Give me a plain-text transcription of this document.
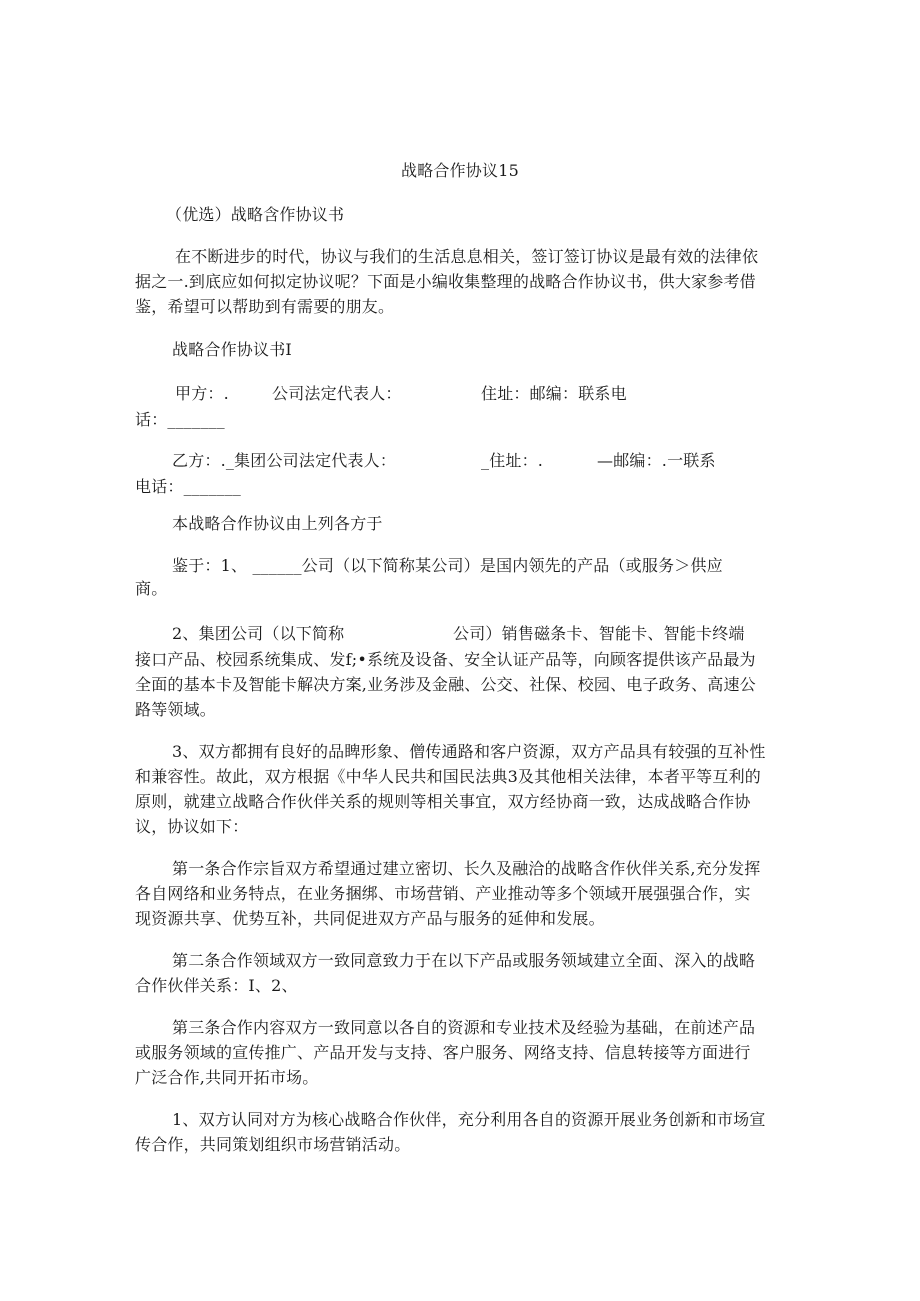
战略合作协议15
（优选）战略含作协议书
在不断进步的时代，协议与我们的生活息息相关，签订签订协议是最有效的法律依
据之一.到底应如何拟定协议呢？下面是小编收集整理的战略合作协议书，供大家参考借
鉴，希望可以帮助到有需要的朋友。
战略合作协议书I
甲方：.	公司法定代表人：	住址：邮编：联系电
话：_______
乙方：._集团公司法定代表人：	_住址：.	—邮编：.一联系
电话：_______
本战略合作协议由上列各方于
鉴于：1、 ______公司（以下简称某公司）是国内领先的产品（或服务＞供应
商。
2、集团公司（以下简称	公司）销售磁条卡、智能卡、智能卡终端
接口产品、校园系统集成、发f;•系统及设备、安全认证产品等，向顾客提供该产品最为
全面的基本卡及智能卡解决方案,业务涉及金融、公交、社保、校园、电子政务、高速公
路等领域。
3、双方都拥有良好的品睥形象、僧传通路和客户资源，双方产品具有较强的互补性
和兼容性。故此，双方根据《中华人民共和国民法典3及其他相关法律，本者平等互利的
原则，就建立战略合作伙伴关系的规则等相关事宜，双方经协商一致，达成战略合作协
议，协议如下：
第一条合作宗旨双方希望通过建立密切、长久及融洽的战略含作伙伴关系,充分发挥
各自网络和业务特点，在业务捆绑、市场营销、产业推动等多个领域开展强强合作，实
现资源共享、优势互补，共同促进双方产品与服务的延伸和发展。
第二条合作领域双方一致同意致力于在以下产品或服务领域建立全面、深入的战略
合作伙伴关系：I、2、
第三条合作内容双方一致同意以各自的资源和专业技术及经验为基础，在前述产品
或服务领域的宣传推广、产品开发与支持、客户服务、网络支持、信息转接等方面进行
广泛合作,共同开拓市场。
1、双方认同对方为核心战略合作伙伴，充分利用各自的资源开展业务创新和市场宣
传合作，共同策划组织市场营销活动。
